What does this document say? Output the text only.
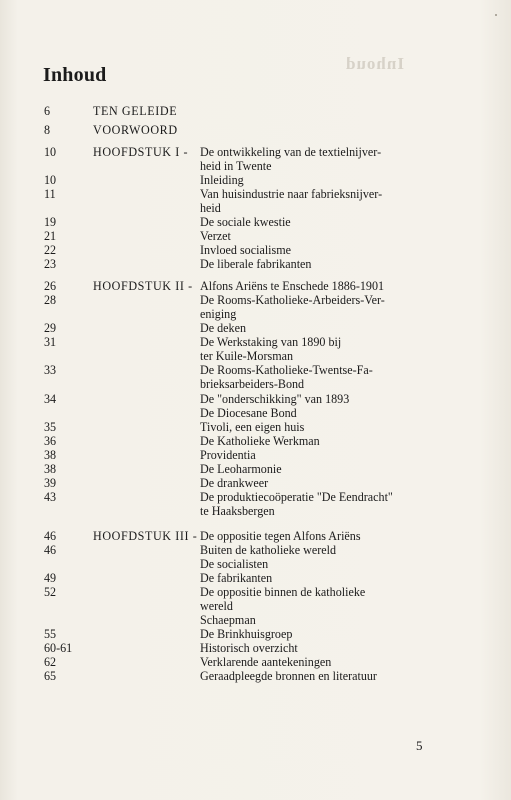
Inhoud
Inhoud
6	TEN GELEIDE
8	VOORWOORD
10	HOOFDSTUK I - De ontwikkeling van de textielnijver-
heid in Twente
10	Inleiding
11	Van huisindustrie naar fabrieksnijver-
heid
19	De sociale kwestie
21	Verzet
22	Invloed socialisme
23	De liberale fabrikanten
26	HOOFDSTUK II - Alfons Ariëns te Enschede 1886-1901
28	De Rooms-Katholieke-Arbeiders-Ver-
eniging
29	De deken
31	De Werkstaking van 1890 bij
ter Kuile-Morsman
33	De Rooms-Katholieke-Twentse-Fa-
brieksarbeiders-Bond
34	De "onderschikking" van 1893
De Diocesane Bond
35	Tivoli, een eigen huis
36	De Katholieke Werkman
38	Providentia
38	De Leoharmonie
39	De drankweer
43	De produktiecoöperatie "De Eendracht"
te Haaksbergen
46	HOOFDSTUK III - De oppositie tegen Alfons Ariëns
46	Buiten de katholieke wereld
De socialisten
49	De fabrikanten
52	De oppositie binnen de katholieke
wereld
Schaepman
55	De Brinkhuisgroep
60-61	Historisch overzicht
62	Verklarende aantekeningen
65	Geraadpleegde bronnen en literatuur
5
